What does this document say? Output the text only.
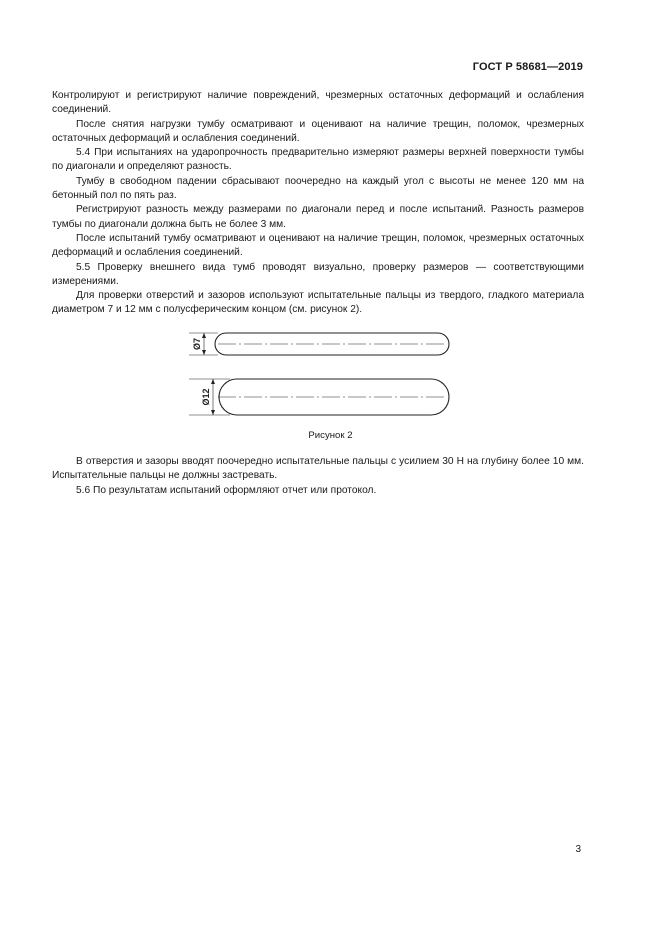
ГОСТ Р 58681—2019

Контролируют и регистрируют наличие повреждений, чрезмерных остаточных деформаций и ослабления соединений.

После снятия нагрузки тумбу осматривают и оценивают на наличие трещин, поломок, чрезмерных остаточных деформаций и ослабления соединений.

5.4 При испытаниях на ударопрочность предварительно измеряют размеры верхней поверхности тумбы по диагонали и определяют разность.

Тумбу в свободном падении сбрасывают поочередно на каждый угол с высоты не менее 120 мм на бетонный пол по пять раз.

Регистрируют разность между размерами по диагонали перед и после испытаний. Разность размеров тумбы по диагонали должна быть не более 3 мм.

После испытаний тумбу осматривают и оценивают на наличие трещин, поломок, чрезмерных остаточных деформаций и ослабления соединений.

5.5 Проверку внешнего вида тумб проводят визуально, проверку размеров — соответствующими измерениями.

Для проверки отверстий и зазоров используют испытательные пальцы из твердого, гладкого материала диаметром 7 и 12 мм с полусферическим концом (см. рисунок 2).

Ø7
Ø12
Рисунок 2

В отверстия и зазоры вводят поочередно испытательные пальцы с усилием 30 Н на глубину более 10 мм. Испытательные пальцы не должны застревать.

5.6 По результатам испытаний оформляют отчет или протокол.

3
